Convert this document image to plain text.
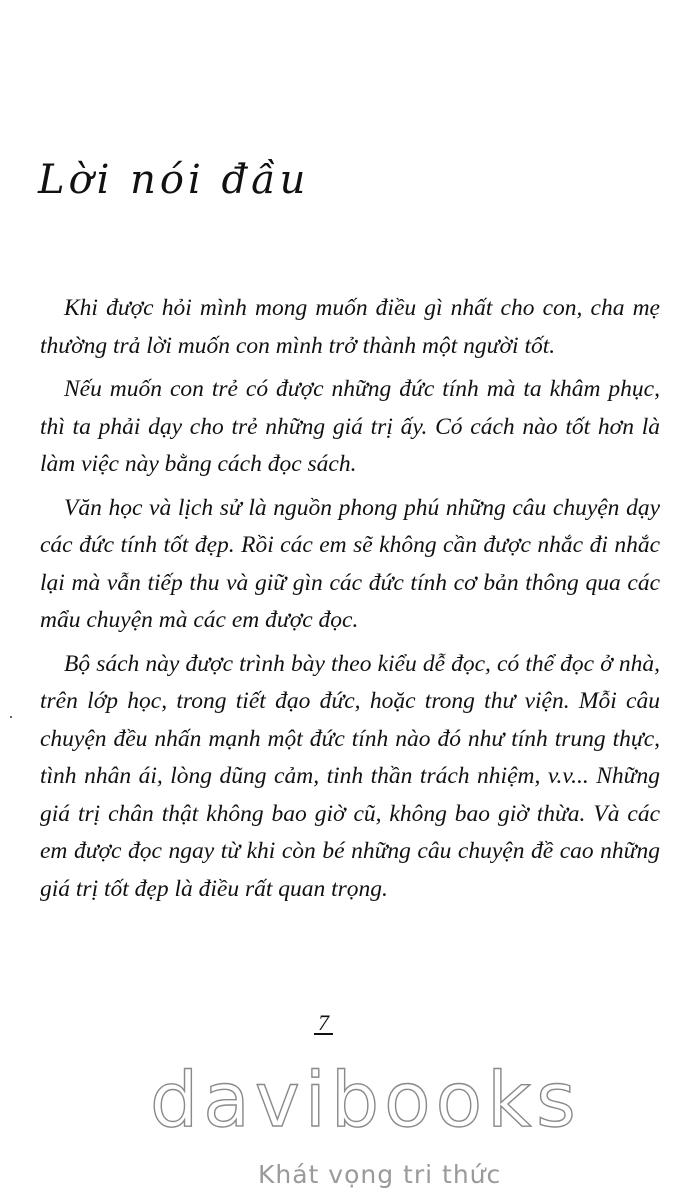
Lời nói đầu

Khi được hỏi mình mong muốn điều gì nhất cho con, cha mẹ thường trả lời muốn con mình trở thành một người tốt.

Nếu muốn con trẻ có được những đức tính mà ta khâm phục, thì ta phải dạy cho trẻ những giá trị ấy. Có cách nào tốt hơn là làm việc này bằng cách đọc sách.

Văn học và lịch sử là nguồn phong phú những câu chuyện dạy các đức tính tốt đẹp. Rồi các em sẽ không cần được nhắc đi nhắc lại mà vẫn tiếp thu và giữ gìn các đức tính cơ bản thông qua các mẩu chuyện mà các em được đọc.

Bộ sách này được trình bày theo kiểu dễ đọc, có thể đọc ở nhà, trên lớp học, trong tiết đạo đức, hoặc trong thư viện. Mỗi câu chuyện đều nhấn mạnh một đức tính nào đó như tính trung thực, tình nhân ái, lòng dũng cảm, tinh thần trách nhiệm, v.v... Những giá trị chân thật không bao giờ cũ, không bao giờ thừa. Và các em được đọc ngay từ khi còn bé những câu chuyện đề cao những giá trị tốt đẹp là điều rất quan trọng.

davibooks
Khát vọng tri thức
7
